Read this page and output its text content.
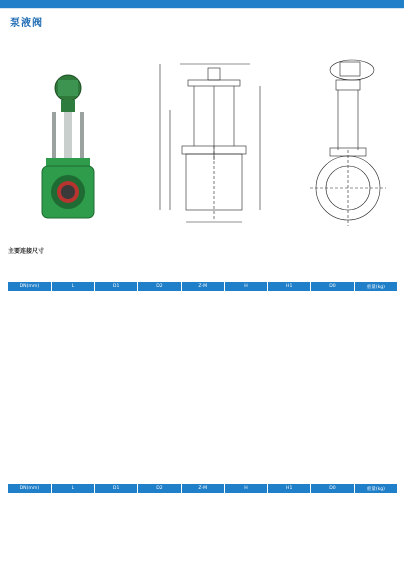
泵液阀
主要连接尺寸
DN(mm)	L	D1	D2	Z-M	H	H1	D0	重量(kg)
DN(mm)	L	D1	D2	Z-M	H	H1	D0	重量(kg)
